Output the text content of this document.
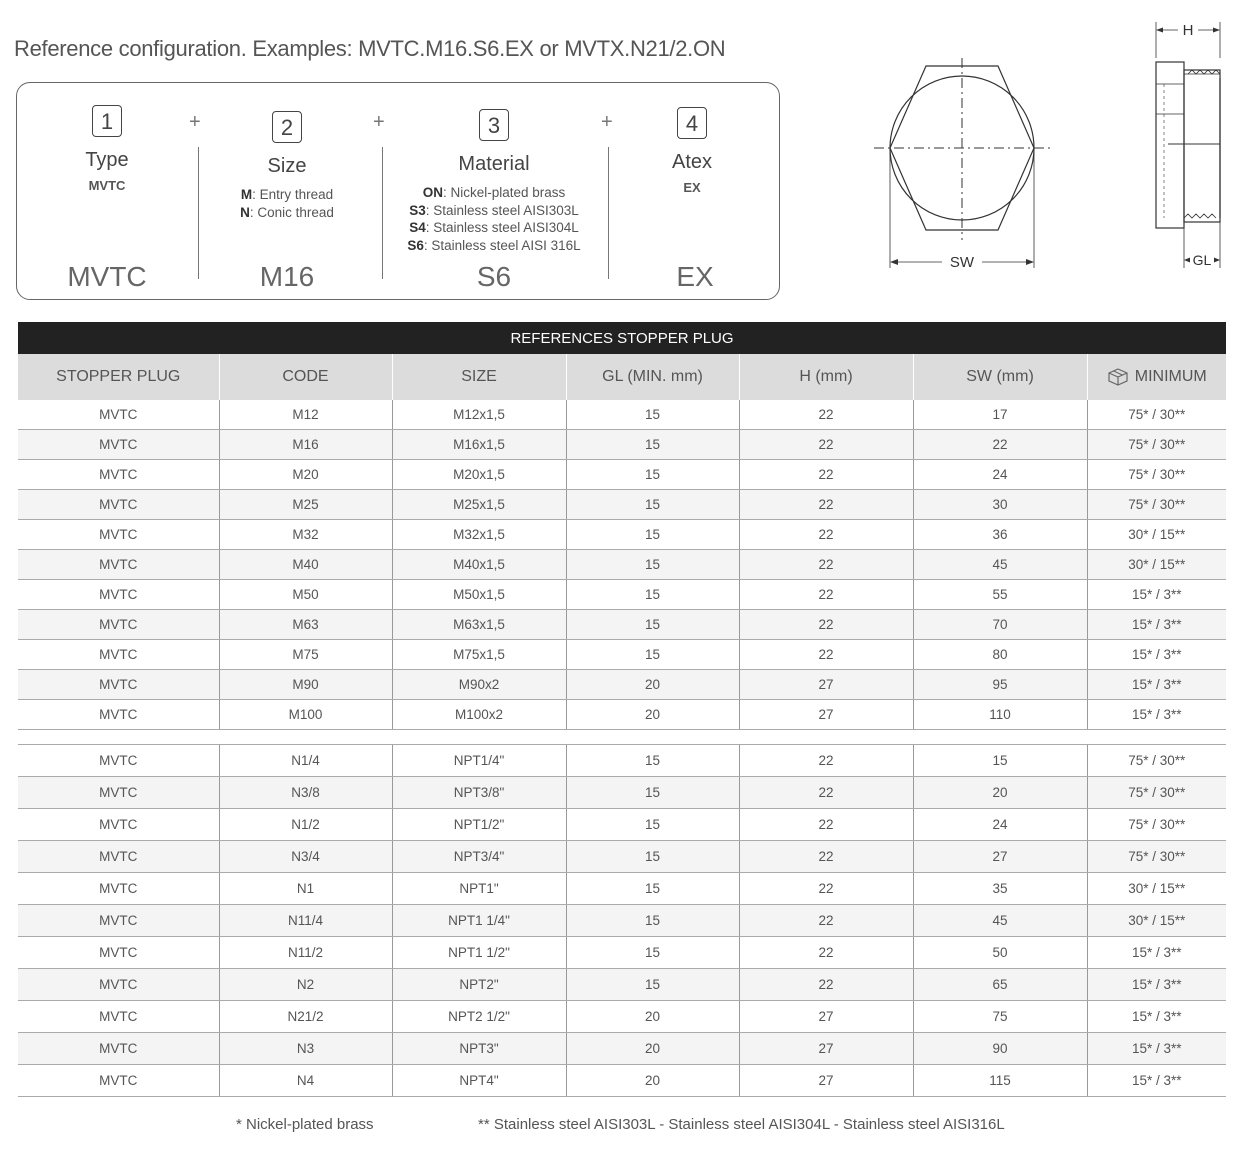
Reference configuration. Examples: MVTC.M16.S6.EX or MVTX.N21/2.ON
1
Type
MVTC
+	2
Size
M: Entry thread
N: Conic thread
+	3
Material
ON: Nickel-plated brass
S3: Stainless steel AISI303L
S4: Stainless steel AISI304L
S6: Stainless steel AISI 316L
+	4
Atex
EX
MVTC	M16	S6	EX	SW
H
GL
REFERENCES STOPPER PLUG						
STOPPER PLUG	CODE	SIZE	GL (MIN. mm)	H (mm)	SW (mm)	MINIMUM
MVTC	M12	M12x1,5	15	22	17	75* / 30**
MVTC	M16	M16x1,5	15	22	22	75* / 30**
MVTC	M20	M20x1,5	15	22	24	75* / 30**
MVTC	M25	M25x1,5	15	22	30	75* / 30**
MVTC	M32	M32x1,5	15	22	36	30* / 15**
MVTC	M40	M40x1,5	15	22	45	30* / 15**
MVTC	M50	M50x1,5	15	22	55	15* / 3**
MVTC	M63	M63x1,5	15	22	70	15* / 3**
MVTC	M75	M75x1,5	15	22	80	15* / 3**
MVTC	M90	M90x2	20	27	95	15* / 3**
MVTC	M100	M100x2	20	27	110	15* / 3**

MVTC	N1/4	NPT1/4"	15	22	15	75* / 30**
MVTC	N3/8	NPT3/8"	15	22	20	75* / 30**
MVTC	N1/2	NPT1/2"	15	22	24	75* / 30**
MVTC	N3/4	NPT3/4"	15	22	27	75* / 30**
MVTC	N1	NPT1"	15	22	35	30* / 15**
MVTC	N11/4	NPT1 1/4"	15	22	45	30* / 15**
MVTC	N11/2	NPT1 1/2"	15	22	50	15* / 3**
MVTC	N2	NPT2"	15	22	65	15* / 3**
MVTC	N21/2	NPT2 1/2"	20	27	75	15* / 3**
MVTC	N3	NPT3"	20	27	90	15* / 3**
MVTC	N4	NPT4"	20	27	115	15* / 3**
* Nickel-plated brass	** Stainless steel AISI303L - Stainless steel AISI304L - Stainless steel AISI316L
